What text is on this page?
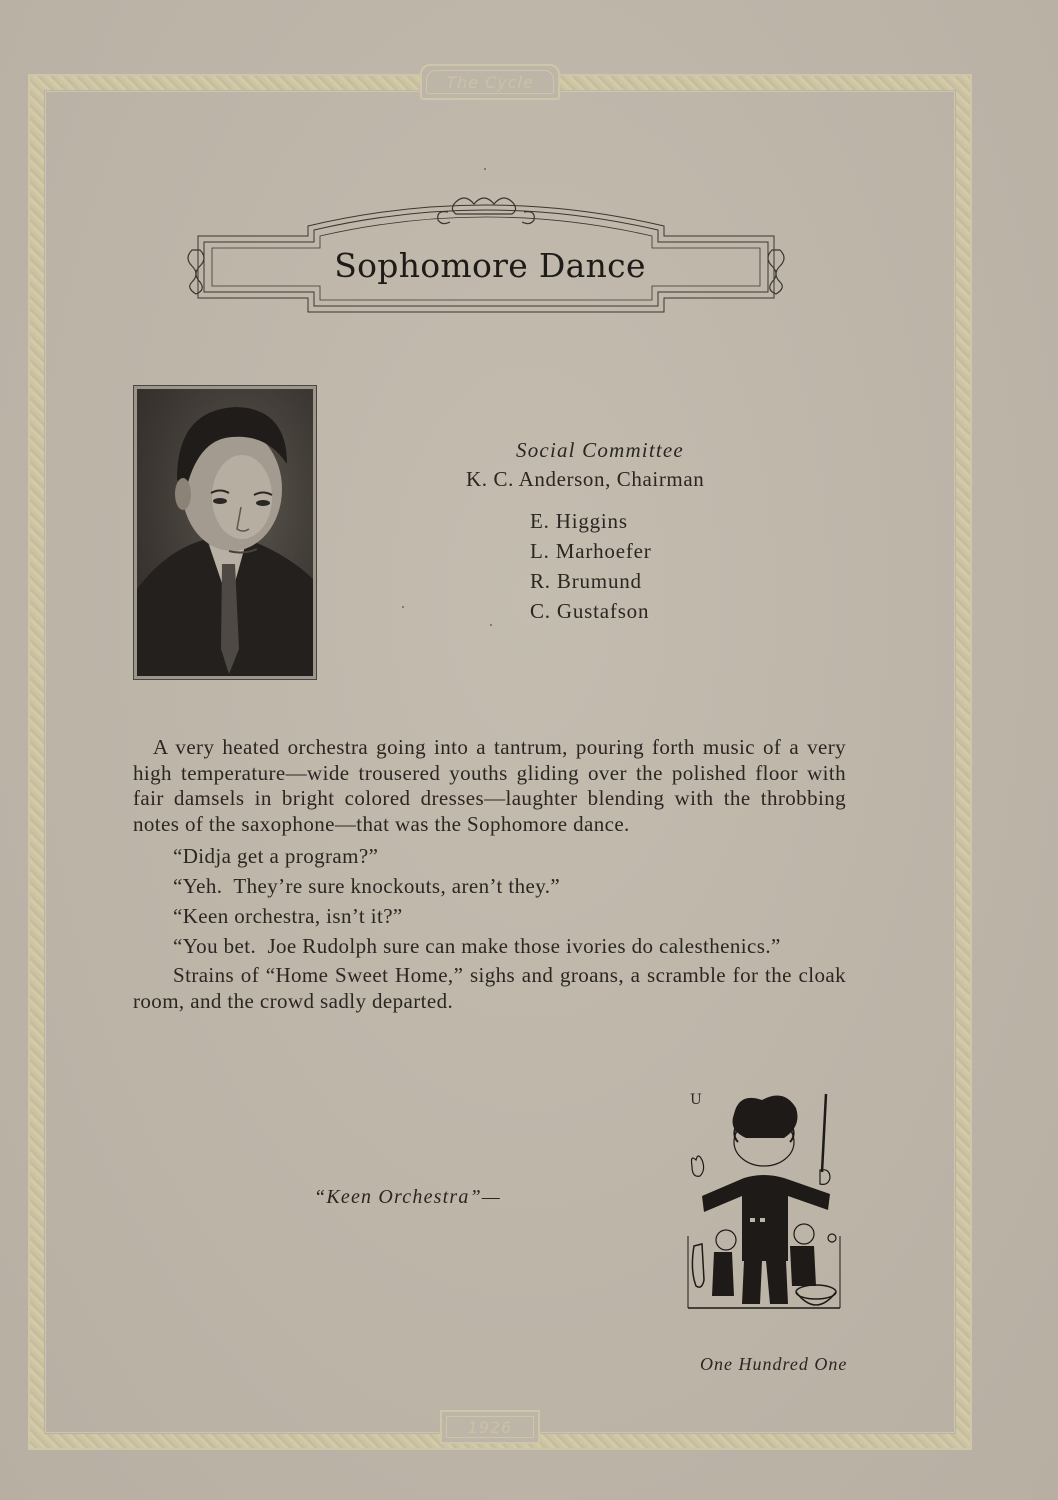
The Cycle
1926
Sophomore Dance
Social Committee
K. C. Anderson, Chairman
E. Higgins
L. Marhoefer
R. Brumund
C. Gustafson

A very heated orchestra going into a tantrum, pouring forth music of a very high temperature—wide trousered youths gliding over the polished floor with fair damsels in bright colored dresses—laughter blending with the throbbing notes of the saxophone—that was the Sophomore dance.

“Didja get a program?”

“Yeh.  They’re sure knockouts, aren’t they.”

“Keen orchestra, isn’t it?”

“You bet.  Joe Rudolph sure can make those ivories do calesthenics.”

Strains of “Home Sweet Home,” sighs and groans, a scramble for the cloak room, and the crowd sadly departed.

“Keen Orchestra”—
U
One Hundred One
